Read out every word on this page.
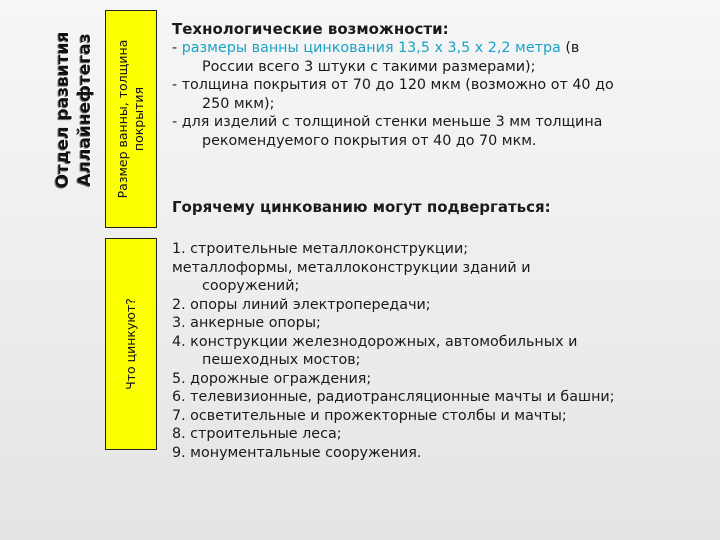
Отдел развития Аллайнефтегаз Размер ванны, толщина покрытия
Что цинкуют?
Технологические возможности:
- размеры ванны цинкования 13,5 х 3,5 х 2,2 метра (в
России всего 3 штуки с такими размерами);
- толщина покрытия от 70 до 120 мкм (возможно от 40 до
250 мкм);
- для изделий с толщиной стенки меньше 3 мм толщина
рекомендуемого покрытия от 40 до 70 мкм.
Горячему цинкованию могут подвергаться:
1. строительные металлоконструкции;
металлоформы, металлоконструкции зданий и
сооружений;
2. опоры линий электропередачи;
3. анкерные опоры;
4. конструкции железнодорожных, автомобильных и
пешеходных мостов;
5. дорожные ограждения;
6. телевизионные, радиотрансляционные мачты и башни;
7. осветительные и прожекторные столбы и мачты;
8. строительные леса;
9. монументальные сооружения.
